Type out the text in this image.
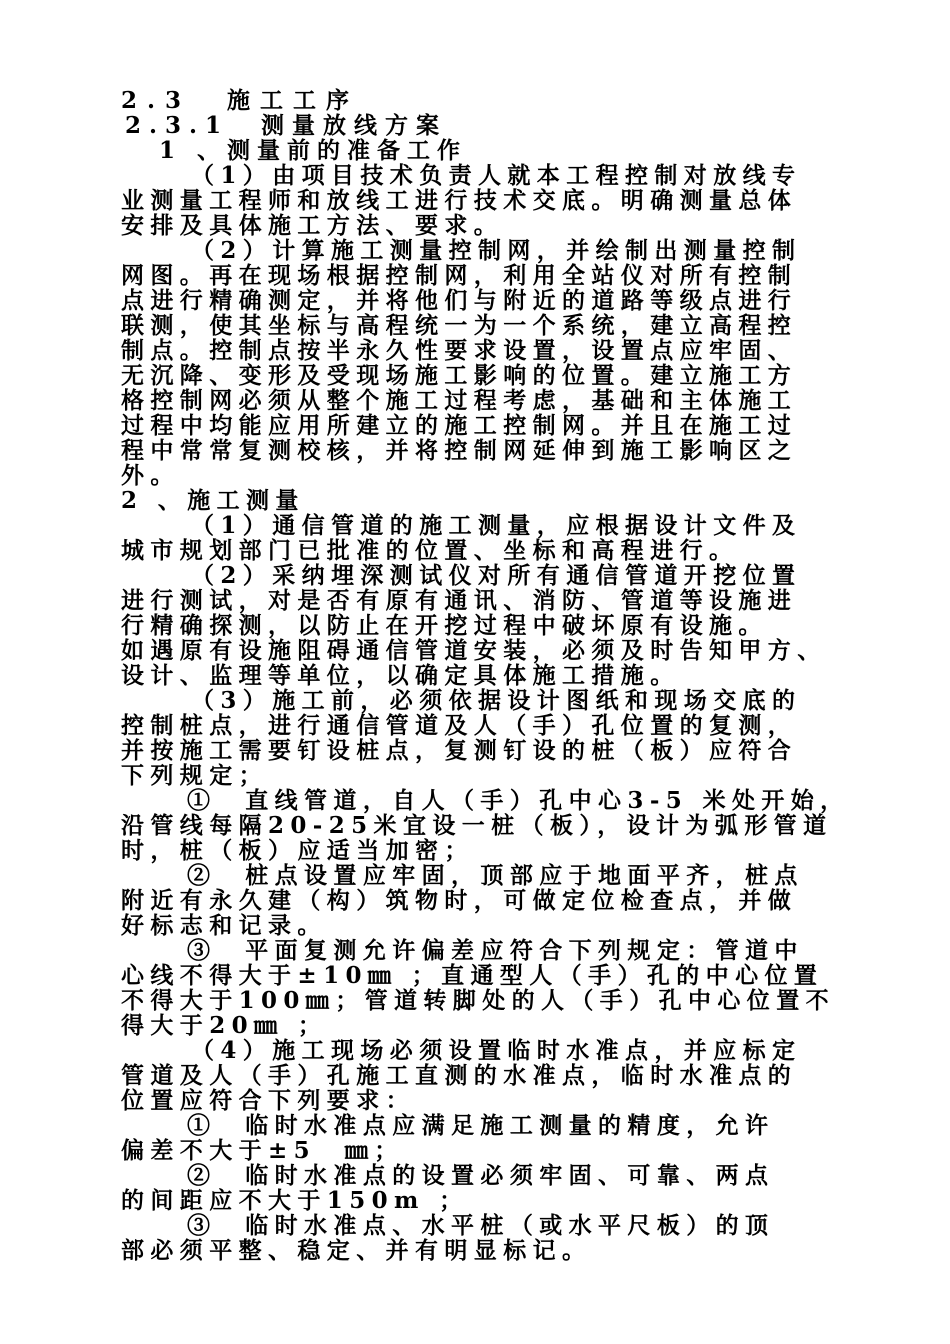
2.3  施工工序
2.3.1  测量放线方案
1 、测量前的准备工作
（1）由项目技术负责人就本工程控制对放线专
业测量工程师和放线工进行技术交底。明确测量总体
安排及具体施工方法、要求。
（2）计算施工测量控制网，并绘制出测量控制
网图。再在现场根据控制网，利用全站仪对所有控制
点进行精确测定，并将他们与附近的道路等级点进行
联测，使其坐标与高程统一为一个系统，建立高程控
制点。控制点按半永久性要求设置，设置点应牢固、
无沉降、变形及受现场施工影响的位置。建立施工方
格控制网必须从整个施工过程考虑，基础和主体施工
过程中均能应用所建立的施工控制网。并且在施工过
程中常常复测校核，并将控制网延伸到施工影响区之
外。
2 、施工测量
（1）通信管道的施工测量，应根据设计文件及
城市规划部门已批准的位置、坐标和高程进行。
（2）采纳埋深测试仪对所有通信管道开挖位置
进行测试，对是否有原有通讯、消防、管道等设施进
行精确探测，以防止在开挖过程中破坏原有设施。
如遇原有设施阻碍通信管道安装，必须及时告知甲方、
设计、监理等单位，以确定具体施工措施。
（3）施工前，必须依据设计图纸和现场交底的
控制桩点，进行通信管道及人（手）孔位置的复测，
并按施工需要钉设桩点，复测钉设的桩（板）应符合
下列规定；
①  直线管道，自人（手）孔中心3-5 米处开始，
沿管线每隔20-25米宜设一桩（板），设计为弧形管道
时，桩（板）应适当加密；
②  桩点设置应牢固，顶部应于地面平齐，桩点
附近有永久建（构）筑物时，可做定位检查点，并做
好标志和记录。
③  平面复测允许偏差应符合下列规定：管道中
心线不得大于±10㎜ ；直通型人（手）孔的中心位置
不得大于100㎜；管道转脚处的人（手）孔中心位置不
得大于20㎜ ；
（4）施工现场必须设置临时水准点，并应标定
管道及人（手）孔施工直测的水准点，临时水准点的
位置应符合下列要求：
①  临时水准点应满足施工测量的精度，允许
偏差不大于±5  ㎜；
②  临时水准点的设置必须牢固、可靠、两点
的间距应不大于150m ；
③  临时水准点、水平桩（或水平尺板）的顶
部必须平整、稳定、并有明显标记。
